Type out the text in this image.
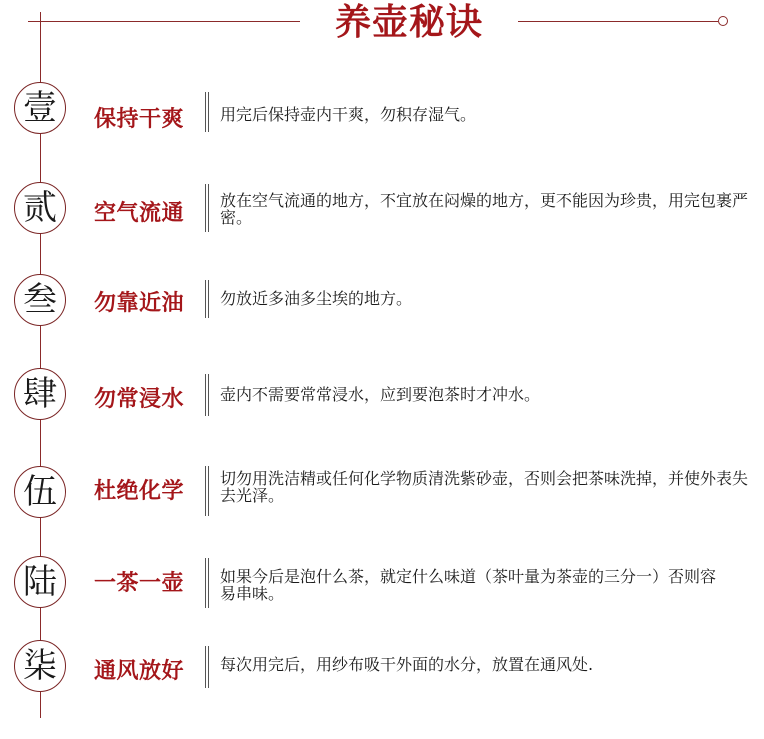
养壶秘诀
壹	保持干爽 用完后保持壶内干爽，勿积存湿气。
贰	空气流通
放在空气流通的地方，不宜放在闷燥的地方，更不能因为珍贵，用完包裹严密。
叁	勿靠近油 勿放近多油多尘埃的地方。
肆	勿常浸水 壶内不需要常常浸水，应到要泡茶时才冲水。
伍	杜绝化学
切勿用洗洁精或任何化学物质清洗紫砂壶，否则会把茶味洗掉，并使外表失去光泽。
陆	一茶一壶 如果今后是泡什么茶，就定什么味道（茶叶量为茶壶的三分一）否则容易串味。
柒	通风放好 每次用完后，用纱布吸干外面的水分，放置在通风处.
